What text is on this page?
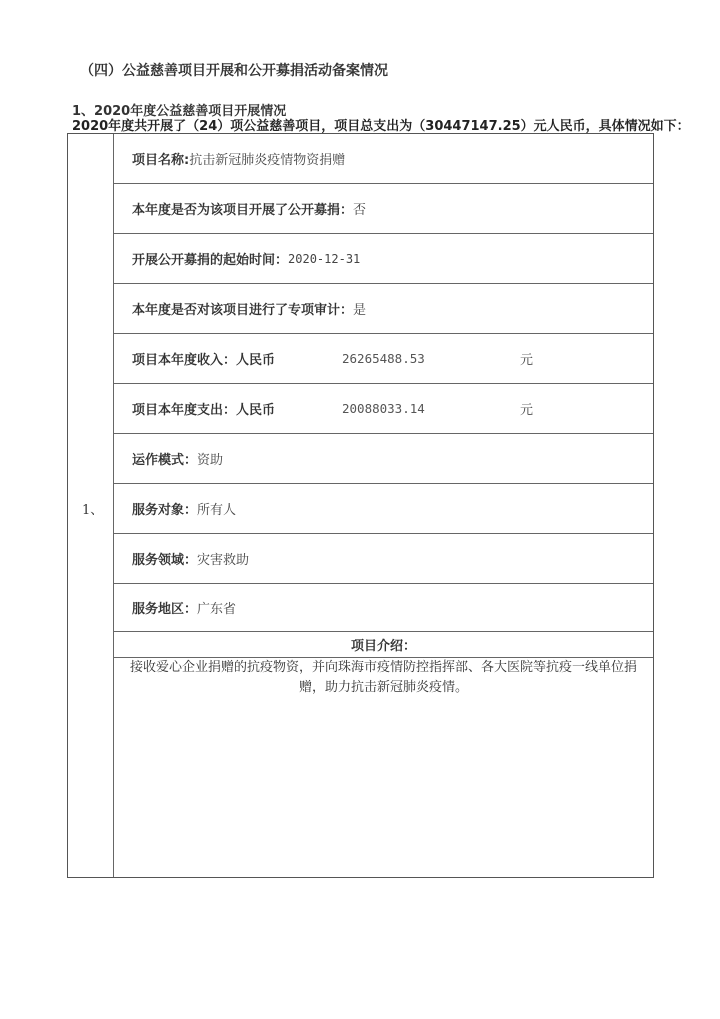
（四）公益慈善项目开展和公开募捐活动备案情况
1、2020年度公益慈善项目开展情况
2020年度共开展了（24）项公益慈善项目，项目总支出为（30447147.25）元人民币，具体情况如下：
1、
项目名称: 抗击新冠肺炎疫情物资捐赠
本年度是否为该项目开展了公开募捐： 否
开展公开募捐的起始时间： 2020-12-31
本年度是否对该项目进行了专项审计： 是
项目本年度收入：人民币	26265488.53	元
项目本年度支出：人民币	20088033.14	元
运作模式： 资助
服务对象： 所有人
服务领域： 灾害救助
服务地区： 广东省
项目介绍：
接收爱心企业捐赠的抗疫物资，并向珠海市疫情防控指挥部、各大医院等抗疫一线单位捐赠，助力抗击新冠肺炎疫情。
